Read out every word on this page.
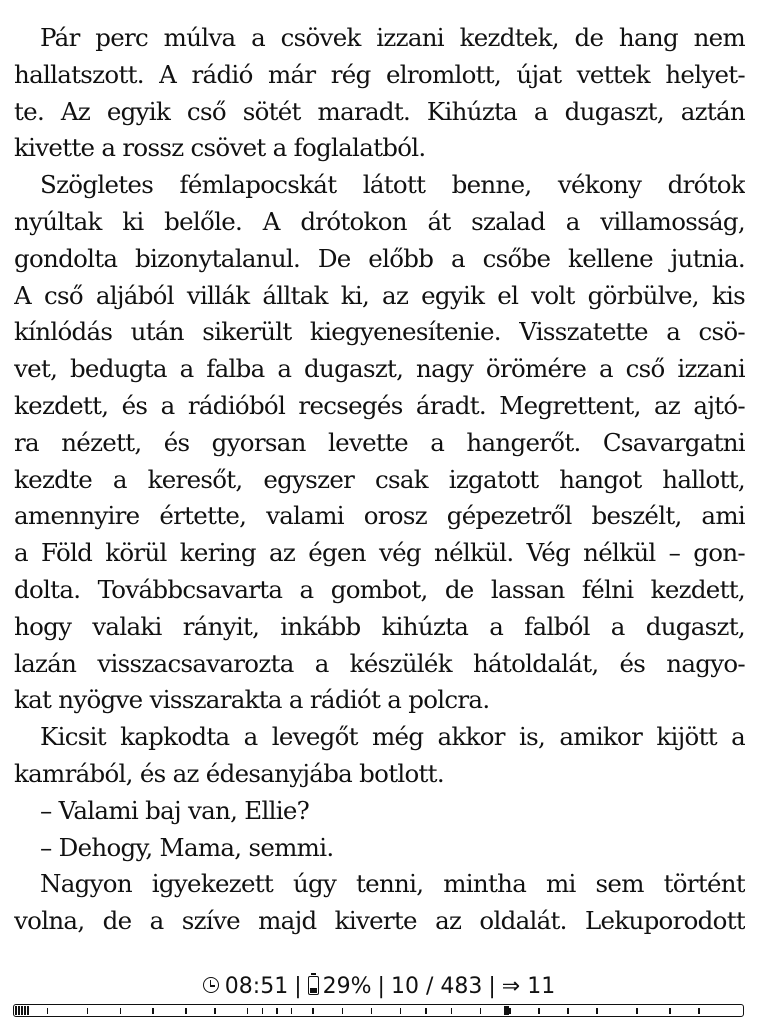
Pár perc múlva a csövek izzani kezdtek, de hang nem
hallatszott. A rádió már rég elromlott, újat vettek helyet-
te. Az egyik cső sötét maradt. Kihúzta a dugaszt, aztán
kivette a rossz csövet a foglalatból.
Szögletes fémlapocskát látott benne, vékony drótok
nyúltak ki belőle. A drótokon át szalad a villamosság,
gondolta bizonytalanul. De előbb a csőbe kellene jutnia.
A cső aljából villák álltak ki, az egyik el volt görbülve, kis
kínlódás után sikerült kiegyenesítenie. Visszatette a csö-
vet, bedugta a falba a dugaszt, nagy örömére a cső izzani
kezdett, és a rádióból recsegés áradt. Megrettent, az ajtó-
ra nézett, és gyorsan levette a hangerőt. Csavargatni
kezdte a keresőt, egyszer csak izgatott hangot hallott,
amennyire értette, valami orosz gépezetről beszélt, ami
a Föld körül kering az égen vég nélkül. Vég nélkül – gon-
dolta. Továbbcsavarta a gombot, de lassan félni kezdett,
hogy valaki rányit, inkább kihúzta a falból a dugaszt,
lazán visszacsavarozta a készülék hátoldalát, és nagyo-
kat nyögve visszarakta a rádiót a polcra.
Kicsit kapkodta a levegőt még akkor is, amikor kijött a
kamrából, és az édesanyjába botlott.
– Valami baj van, Ellie?
– Dehogy, Mama, semmi.
Nagyon igyekezett úgy tenni, mintha mi sem történt
volna, de a szíve majd kiverte az oldalát. Lekuporodott
08:51 | 29% | 10 / 483 | ⇒ 11
